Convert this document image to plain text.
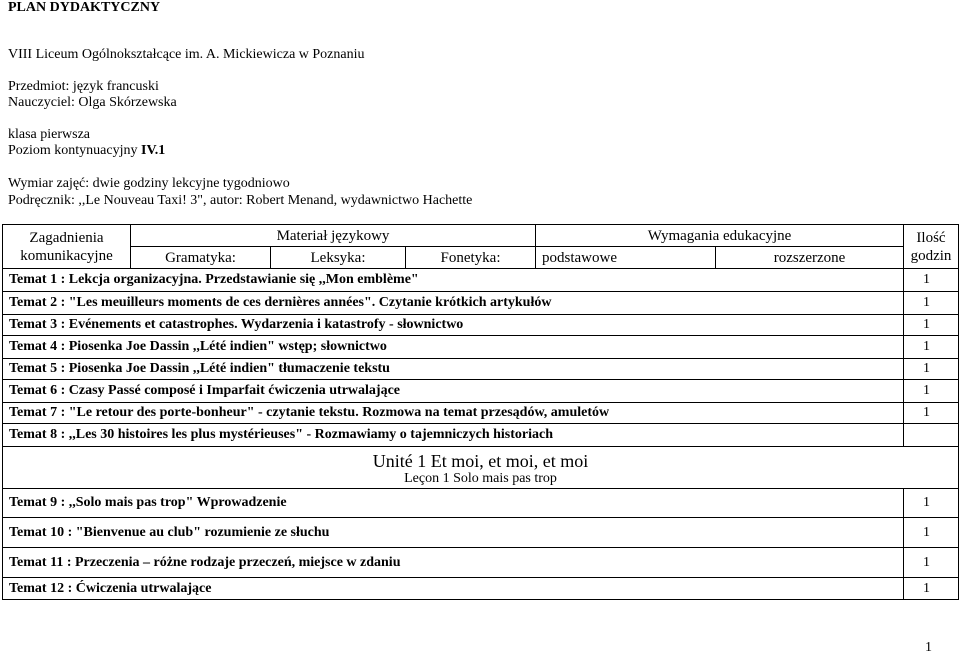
PLAN DYDAKTYCZNY
VIII Liceum Ogólnokształcące im. A. Mickiewicza w Poznaniu
Przedmiot: język francuski
Nauczyciel: Olga Skórzewska
klasa pierwsza
Poziom kontynuacyjny IV.1
Wymiar zajęć: dwie godziny lekcyjne tygodniowo
Podręcznik: ,,Le Nouveau Taxi! 3", autor: Robert Menand, wydawnictwo Hachette
Zagadnienia komunikacyjne	Materiał językowy			Wymagania edukacyjne		Ilość godzin
	Gramatyka:	Leksyka:	Fonetyka:	podstawowe	rozszerzone	
Temat 1 : Lekcja organizacyjna. Przedstawianie się ,,Mon emblème"						1
Temat 2 : "Les meuilleurs moments de ces dernières années". Czytanie krótkich artykułów						1
Temat 3 : Evénements et catastrophes. Wydarzenia i katastrofy - słownictwo						1
Temat 4 : Piosenka Joe Dassin ,,Lété indien" wstęp; słownictwo						1
Temat 5 : Piosenka Joe Dassin ,,Lété indien" tłumaczenie tekstu						1
Temat 6 : Czasy Passé composé i Imparfait ćwiczenia utrwalające						1
Temat 7 : "Le retour des porte-bonheur" - czytanie tekstu. Rozmowa na temat przesądów, amuletów						1
Temat 8 : ,,Les 30 histoires les plus mystérieuses" - Rozmawiamy o tajemniczych historiach						

Unité 1 Et moi, et moi, et moi
Leçon 1 Solo mais pas trop						

Temat 9 : ,,Solo mais pas trop" Wprowadzenie						1
Temat 10 : "Bienvenue au club" rozumienie ze słuchu						1
Temat 11 : Przeczenia – różne rodzaje przeczeń, miejsce w zdaniu						1
Temat 12 : Ćwiczenia utrwalające						1
1
